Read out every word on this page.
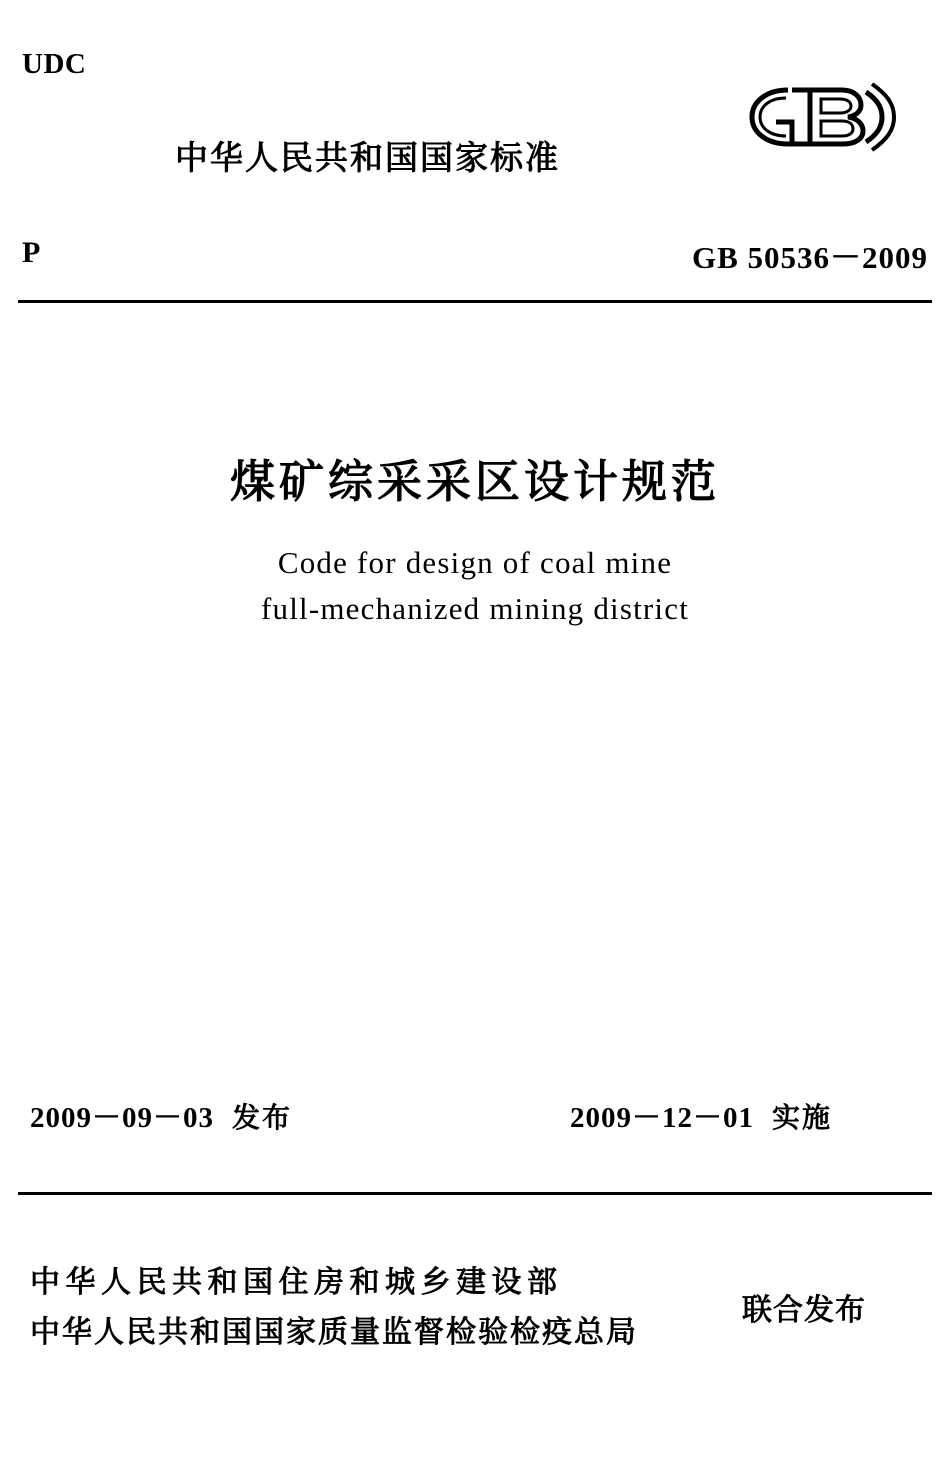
UDC
中华人民共和国国家标准
P	GB 50536－2009
煤矿综采采区设计规范
Code for design of coal mine
full-mechanized mining district
2009－09－03 发布	2009－12－01 实施
中华人民共和国住房和城乡建设部
中华人民共和国国家质量监督检验检疫总局
联合发布
